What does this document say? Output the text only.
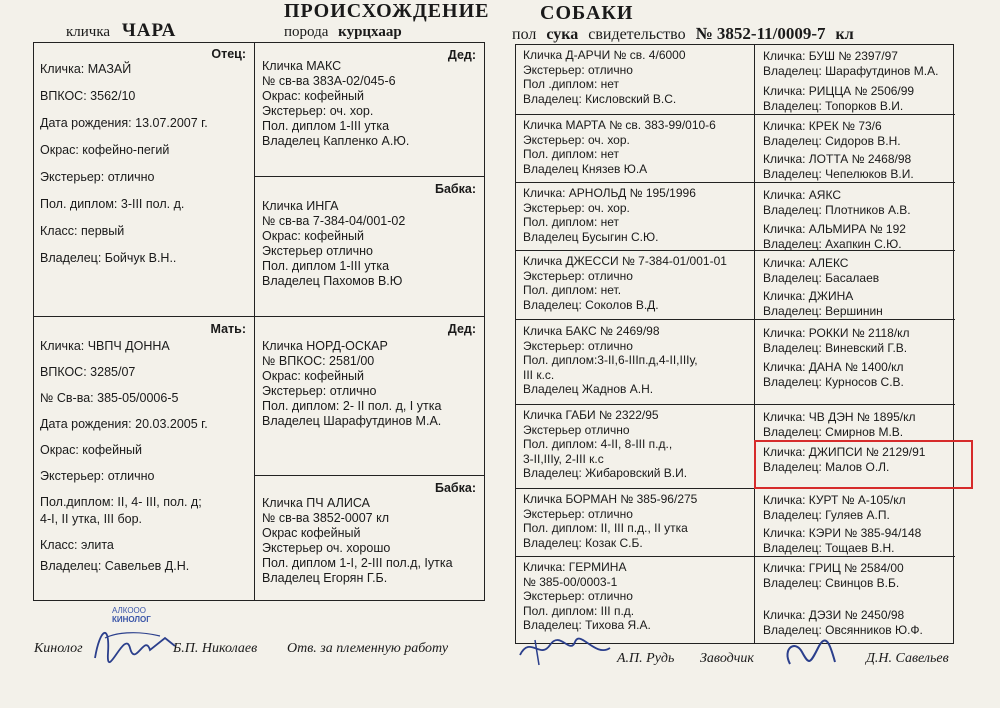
кличка ЧАРА
ПРОИСХОЖДЕНИЕ
порода курцхаар
СОБАКИ
пол сука свидетельство № 3852-11/0009-7 кл
Отец:
Кличка: МАЗАЙ
ВПКОС: 3562/10
Дата рождения: 13.07.2007 г.
Окрас: кофейно-пегий
Экстерьер: отлично
Пол. диплом: 3-III пол. д.
Класс: первый
Владелец: Бойчук В.Н..
Мать:
Кличка: ЧВПЧ ДОННА
ВПКОС: 3285/07
№ Св-ва: 385-05/0006-5
Дата рождения: 20.03.2005 г.
Окрас: кофейный
Экстерьер: отлично
Пол.диплом: II, 4- III, пол. д;
4-I, II утка, III бор.
Класс: элита
Владелец: Савельев Д.Н.
Дед:
Кличка МАКС
№ св-ва 383А-02/045-6
Окрас: кофейный
Экстерьер: оч. хор.
Пол. диплом 1-III утка
Владелец Капленко А.Ю.
Бабка:
Кличка ИНГА
№ св-ва 7-384-04/001-02
Окрас: кофейный
Экстерьер отлично
Пол. диплом 1-III утка
Владелец Пахомов В.Ю
Дед:
Кличка НОРД-ОСКАР
№ ВПКОС: 2581/00
Окрас: кофейный
Экстерьер: отлично
Пол. диплом: 2- II пол. д, I утка
Владелец Шарафутдинов М.А.
Бабка:
Кличка ПЧ АЛИСА
№ св-ва 3852-0007 кл
Окрас кофейный
Экстерьер оч. хорошо
Пол. диплом 1-I, 2-III пол.д, Iутка
Владелец Егорян Г.Б.
Кличка Д-АРЧИ № св. 4/6000
Экстерьер: отлично
Пол .диплом: нет
Владелец: Кисловский В.С.
Кличка МАРТА № св. 383-99/010-6
Экстерьер: оч. хор.
Пол. диплом: нет
Владелец Князев Ю.А
Кличка: АРНОЛЬД № 195/1996
Экстерьер: оч. хор.
Пол. диплом: нет
Владелец Бусыгин С.Ю.
Кличка ДЖЕССИ № 7-384-01/001-01
Экстерьер: отлично
Пол. диплом: нет.
Владелец: Соколов В.Д.
Кличка БАКС № 2469/98
Экстерьер: отлично
Пол. диплом:3-II,6-IIIп.д,4-II,IIIу,
III к.с.
Владелец Жаднов А.Н.
Кличка ГАБИ № 2322/95
Экстерьер отлично
Пол. диплом: 4-II, 8-III п.д.,
3-II,IIIу, 2-III к.с
Владелец: Жибаровский В.И.
Кличка БОРМАН № 385-96/275
Экстерьер: отлично
Пол. диплом: II, III п.д., II утка
Владелец: Козак С.Б.
Кличка: ГЕРМИНА
№ 385-00/0003-1
Экстерьер: отлично
Пол. диплом: III п.д.
Владелец: Тихова Я.А.
Кличка: БУШ № 2397/97
Владелец: Шарафутдинов М.А.
Кличка: РИЦЦА № 2506/99
Владелец: Топорков В.И.
Кличка: КРЕК № 73/6
Владелец: Сидоров В.Н.
Кличка: ЛОТТА № 2468/98
Владелец: Чепелюков В.И.
Кличка: АЯКС
Владелец: Плотников А.В.
Кличка: АЛЬМИРА № 192
Владелец: Ахапкин С.Ю.
Кличка: АЛЕКС
Владелец: Басалаев
Кличка: ДЖИНА
Владелец: Вершинин
Кличка: РОККИ № 2118/кл
Владелец: Виневский Г.В.
Кличка: ДАНА № 1400/кл
Владелец: Курносов С.В.
Кличка: ЧВ ДЭН № 1895/кл
Владелец: Смирнов М.В.
Кличка: ДЖИПСИ № 2129/91
Владелец: Малов О.Л.
Кличка: КУРТ № А-105/кл
Владелец: Гуляев А.П.
Кличка: КЭРИ № 385-94/148
Владелец: Тощаев В.Н.
Кличка: ГРИЦ № 2584/00
Владелец: Свинцов В.Б.
Кличка: ДЭЗИ № 2450/98
Владелец: Овсянников Ю.Ф.
АЛКООО
КИНОЛОГ
Кинолог	Б.П. Николаев Отв. за племенную работу
А.П. Рудь Заводчик	Д.Н. Савельев
